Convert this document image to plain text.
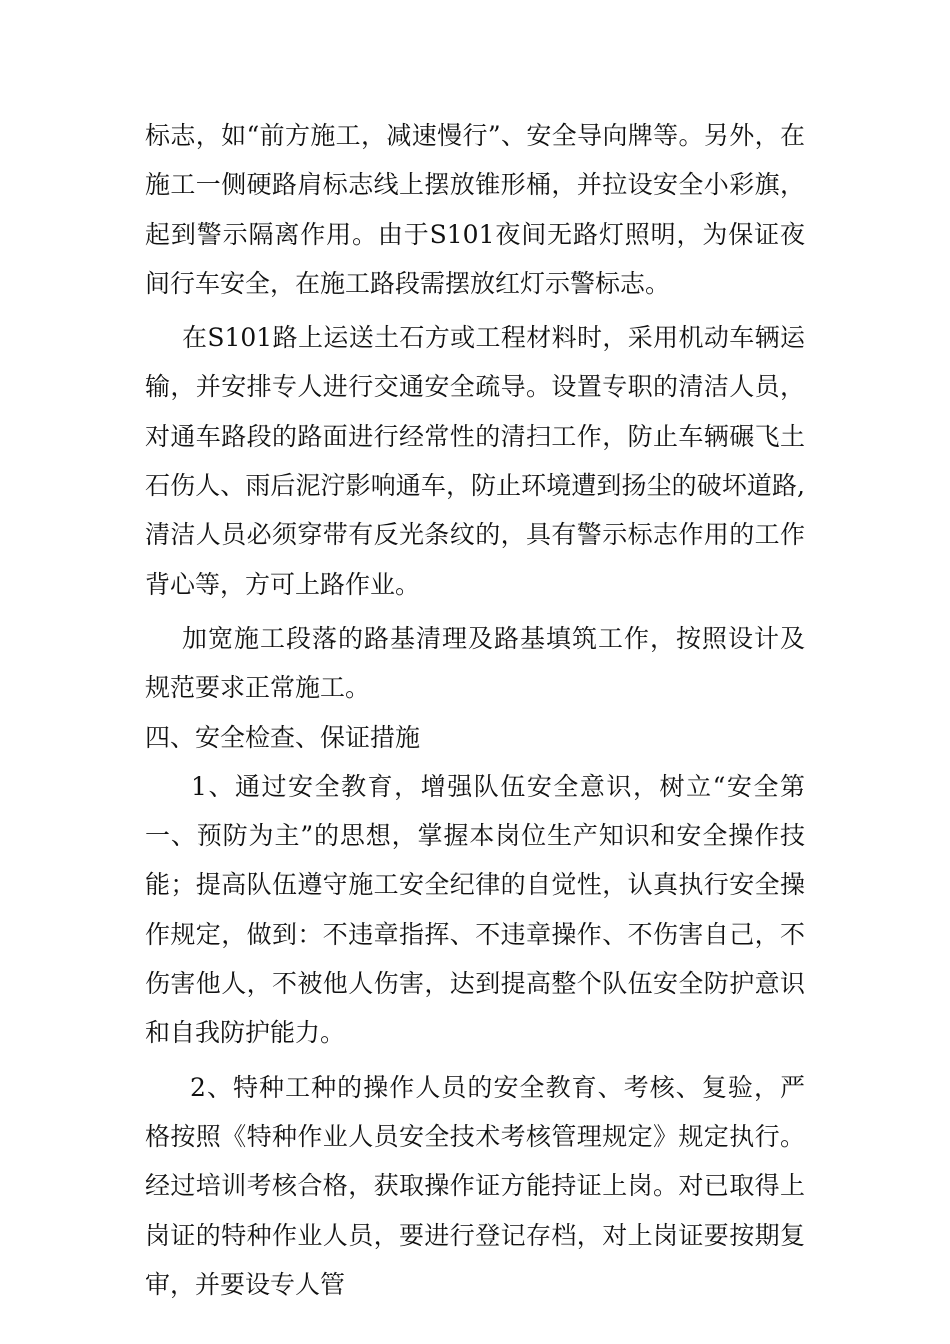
标志，如“前方施工，减速慢行”、安全导向牌等。另外，在施工一侧硬路肩标志线上摆放锥形桶，并拉设安全小彩旗，起到警示隔离作用。由于S101夜间无路灯照明，为保证夜间行车安全，在施工路段需摆放红灯示警标志。

在S101路上运送土石方或工程材料时，采用机动车辆运输，并安排专人进行交通安全疏导。设置专职的清洁人员，对通车路段的路面进行经常性的清扫工作，防止车辆碾飞土石伤人、雨后泥泞影响通车，防止环境遭到扬尘的破坏道路,清洁人员必须穿带有反光条纹的，具有警示标志作用的工作背心等，方可上路作业。

加宽施工段落的路基清理及路基填筑工作，按照设计及规范要求正常施工。

四、安全检查、保证措施

1、通过安全教育，增强队伍安全意识，树立“安全第一、预防为主”的思想，掌握本岗位生产知识和安全操作技能；提高队伍遵守施工安全纪律的自觉性，认真执行安全操作规定，做到：不违章指挥、不违章操作、不伤害自己，不伤害他人，不被他人伤害，达到提高整个队伍安全防护意识和自我防护能力。

2、特种工种的操作人员的安全教育、考核、复验，严格按照《特种作业人员安全技术考核管理规定》规定执行。经过培训考核合格，获取操作证方能持证上岗。对已取得上岗证的特种作业人员，要进行登记存档，对上岗证要按期复审，并要设专人管
